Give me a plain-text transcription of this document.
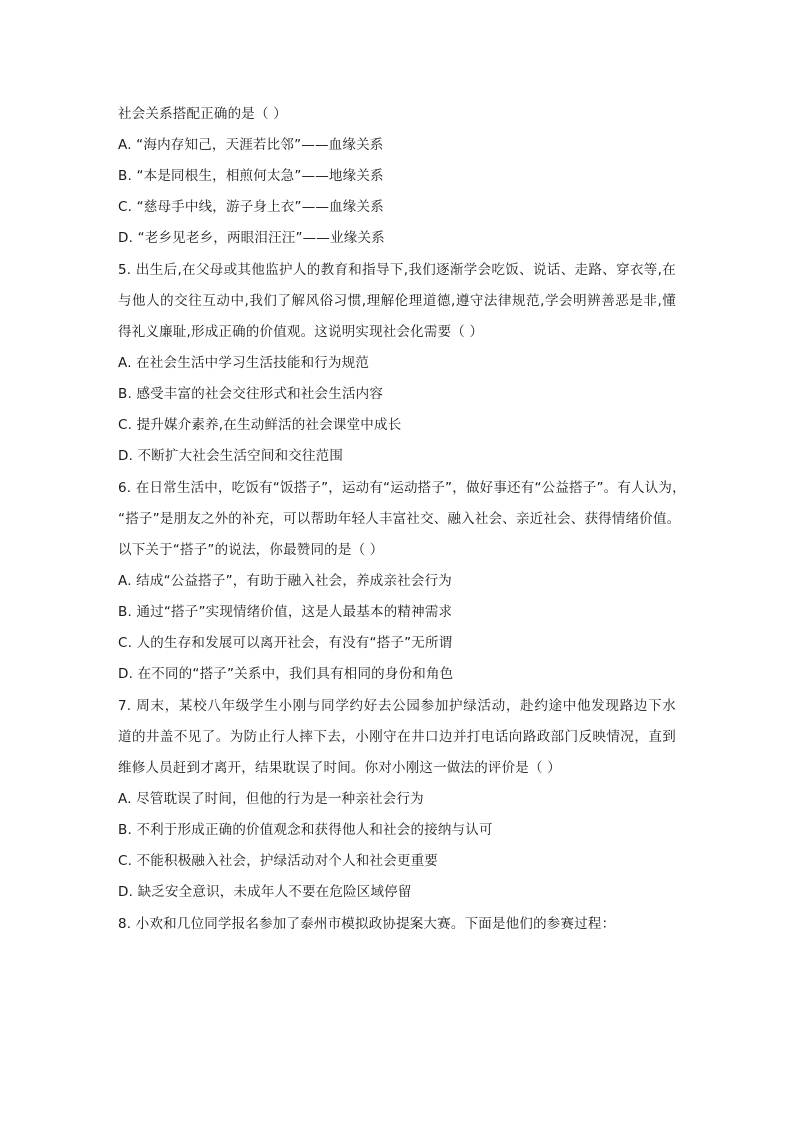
社会关系搭配正确的是（ ）
A. “海内存知己，天涯若比邻”——血缘关系
B. “本是同根生，相煎何太急”——地缘关系
C. “慈母手中线，游子身上衣”——血缘关系
D. “老乡见老乡，两眼泪汪汪”——业缘关系
5. 出生后,在父母或其他监护人的教育和指导下,我们逐渐学会吃饭、说话、走路、穿衣等,在
与他人的交往互动中,我们了解风俗习惯,理解伦理道德,遵守法律规范,学会明辨善恶是非,懂
得礼义廉耻,形成正确的价值观。这说明实现社会化需要（ ）
A. 在社会生活中学习生活技能和行为规范
B. 感受丰富的社会交往形式和社会生活内容
C. 提升媒介素养,在生动鲜活的社会课堂中成长
D. 不断扩大社会生活空间和交往范围
6. 在日常生活中，吃饭有“饭搭子”，运动有“运动搭子”，做好事还有“公益搭子”。有人认为，
“搭子”是朋友之外的补充，可以帮助年轻人丰富社交、融入社会、亲近社会、获得情绪价值。
以下关于“搭子”的说法，你最赞同的是（ ）
A. 结成“公益搭子”，有助于融入社会，养成亲社会行为
B. 通过“搭子”实现情绪价值，这是人最基本的精神需求
C. 人的生存和发展可以离开社会，有没有“搭子”无所谓
D. 在不同的“搭子”关系中，我们具有相同的身份和角色
7. 周末，某校八年级学生小刚与同学约好去公园参加护绿活动，赴约途中他发现路边下水
道的井盖不见了。为防止行人摔下去，小刚守在井口边并打电话向路政部门反映情况，直到
维修人员赶到才离开，结果耽误了时间。你对小刚这一做法的评价是（ ）
A. 尽管耽误了时间，但他的行为是一种亲社会行为
B. 不利于形成正确的价值观念和获得他人和社会的接纳与认可
C. 不能积极融入社会，护绿活动对个人和社会更重要
D. 缺乏安全意识，未成年人不要在危险区域停留
8. 小欢和几位同学报名参加了泰州市模拟政协提案大赛。下面是他们的参赛过程：
